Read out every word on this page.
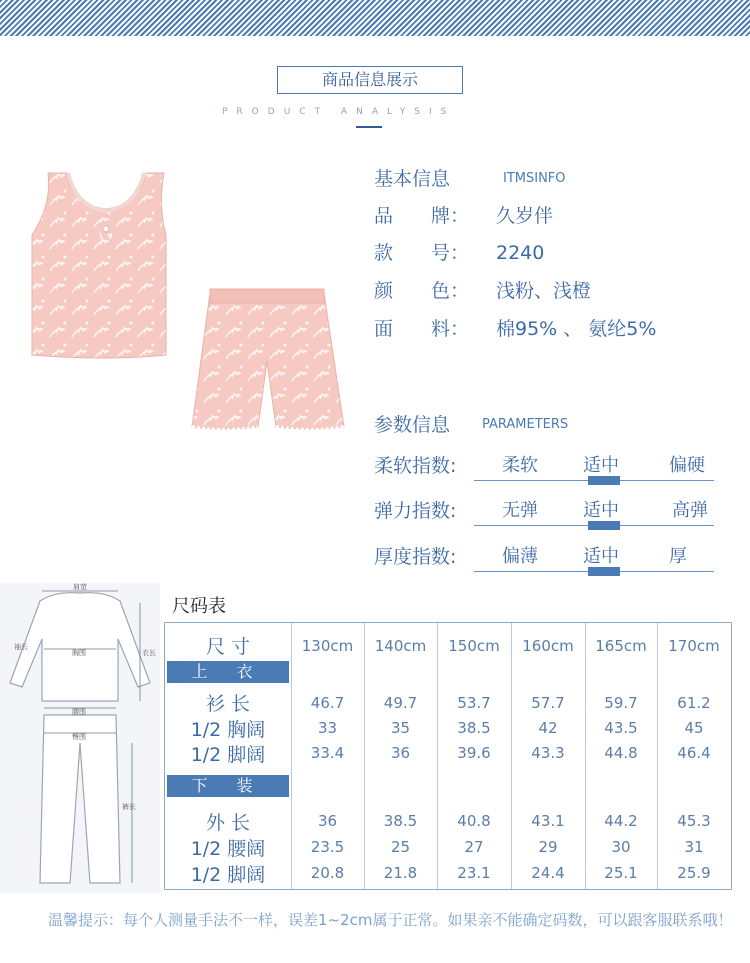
商品信息展示
PRODUCT ANALYSIS
基本信息	ITMSINFO
品　　牌： 久岁伴
款　　号： 2240
颜　　色： 浅粉、浅橙
面　　料： 棉95% 、 氨纶5%
参数信息 PARAMETERS
柔软指数:	柔软	适中	偏硬
弹力指数:	无弹	适中	高弹
厚度指数:	偏薄	适中	厚
肩宽
袖长
胸围	衣长
腰围
臀围
裤长
尺码表
尺 寸	130cm	140cm	150cm	160cm	165cm	170cm
上 衣
衫 长	46.7	49.7	53.7	57.7	59.7	61.2
1/2 胸阔	33	35	38.5	42	43.5	45
1/2 脚阔	33.4	36	39.6	43.3	44.8	46.4
下 装
外 长	36	38.5	40.8	43.1	44.2	45.3
1/2 腰阔	23.5	25	27	29	30	31
1/2 脚阔	20.8	21.8	23.1	24.4	25.1	25.9
温馨提示：每个人测量手法不一样，误差1~2cm属于正常。如果亲不能确定码数，可以跟客服联系哦！
